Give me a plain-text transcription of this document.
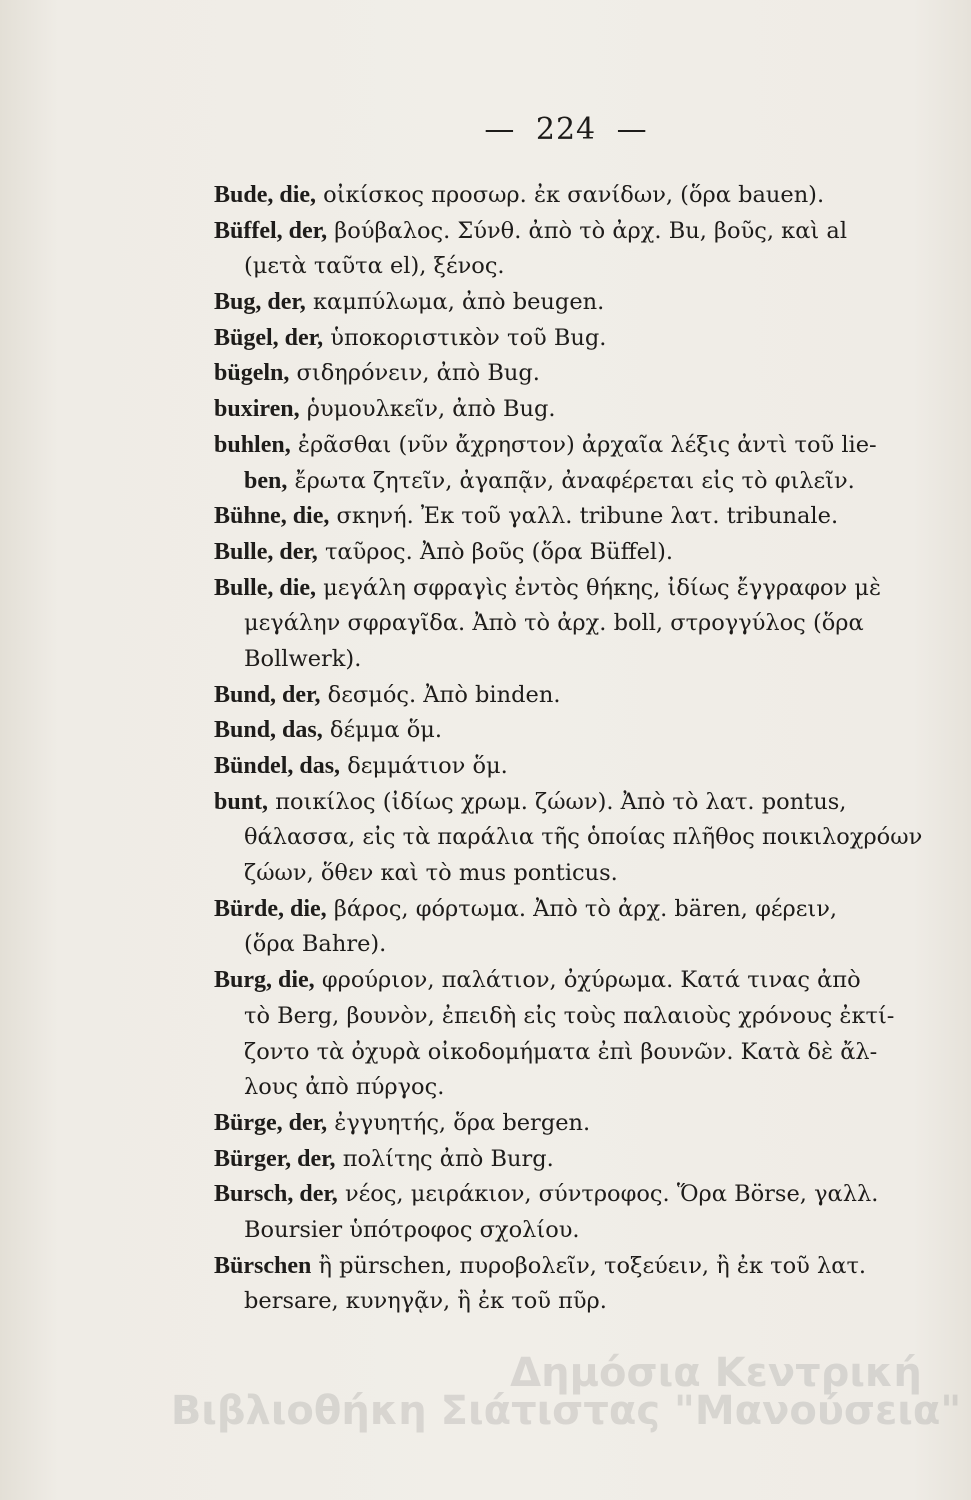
— 224 —
Bude, die, οἰκίσκος προσωρ. ἐκ σανίδων, (ὅρα bauen).
Büffel, der, βούβαλος. Σύνθ. ἀπὸ τὸ ἀρχ. Bu, βοῦς, καὶ al
(μετὰ ταῦτα el), ξένος.
Bug, der, καμπύλωμα, ἀπὸ beugen.
Bügel, der, ὑποκοριστικὸν τοῦ Bug.
bügeln, σιδηρόνειν, ἀπὸ Bug.
buxiren, ῥυμουλκεῖν, ἀπὸ Bug.
buhlen, ἐρᾶσθαι (νῦν ἄχρηστον) ἀρχαῖα λέξις ἀντὶ τοῦ lie-
ben, ἔρωτα ζητεῖν, ἀγαπᾷν, ἀναφέρεται εἰς τὸ φιλεῖν.
Bühne, die, σκηνή. Ἐκ τοῦ γαλλ. tribune λατ. tribunale.
Bulle, der, ταῦρος. Ἀπὸ βοῦς (ὅρα Büffel).
Bulle, die, μεγάλη σφραγὶς ἐντὸς θήκης, ἰδίως ἔγγραφον μὲ
μεγάλην σφραγῖδα. Ἀπὸ τὸ ἀρχ. boll, στρογγύλος (ὅρα
Bollwerk).
Bund, der, δεσμός. Ἀπὸ binden.
Bund, das, δέμμα ὅμ.
Bündel, das, δεμμάτιον ὅμ.
bunt, ποικίλος (ἰδίως χρωμ. ζώων). Ἀπὸ τὸ λατ. pontus,
θάλασσα, εἰς τὰ παράλια τῆς ὁποίας πλῆθος ποικιλοχρόων
ζώων, ὅθεν καὶ τὸ mus ponticus.
Bürde, die, βάρος, φόρτωμα. Ἀπὸ τὸ ἀρχ. bären, φέρειν,
(ὅρα Bahre).
Burg, die, φρούριον, παλάτιον, ὀχύρωμα. Κατά τινας ἀπὸ
τὸ Berg, βουνὸν, ἐπειδὴ εἰς τοὺς παλαιοὺς χρόνους ἐκτί-
ζοντο τὰ ὀχυρὰ οἰκοδομήματα ἐπὶ βουνῶν. Κατὰ δὲ ἄλ-
λους ἀπὸ πύργος.
Bürge, der, ἐγγυητής, ὅρα bergen.
Bürger, der, πολίτης ἀπὸ Burg.
Bursch, der, νέος, μειράκιον, σύντροφος. Ὅρα Börse, γαλλ.
Boursier ὑπότροφος σχολίου.
Bürschen ἢ pürschen, πυροβολεῖν, τοξεύειν, ἢ ἐκ τοῦ λατ.
bersare, κυνηγᾷν, ἢ ἐκ τοῦ πῦρ.
Δημόσια Κεντρική
Βιβλιοθήκη Σιάτιστας "Μανούσεια"
